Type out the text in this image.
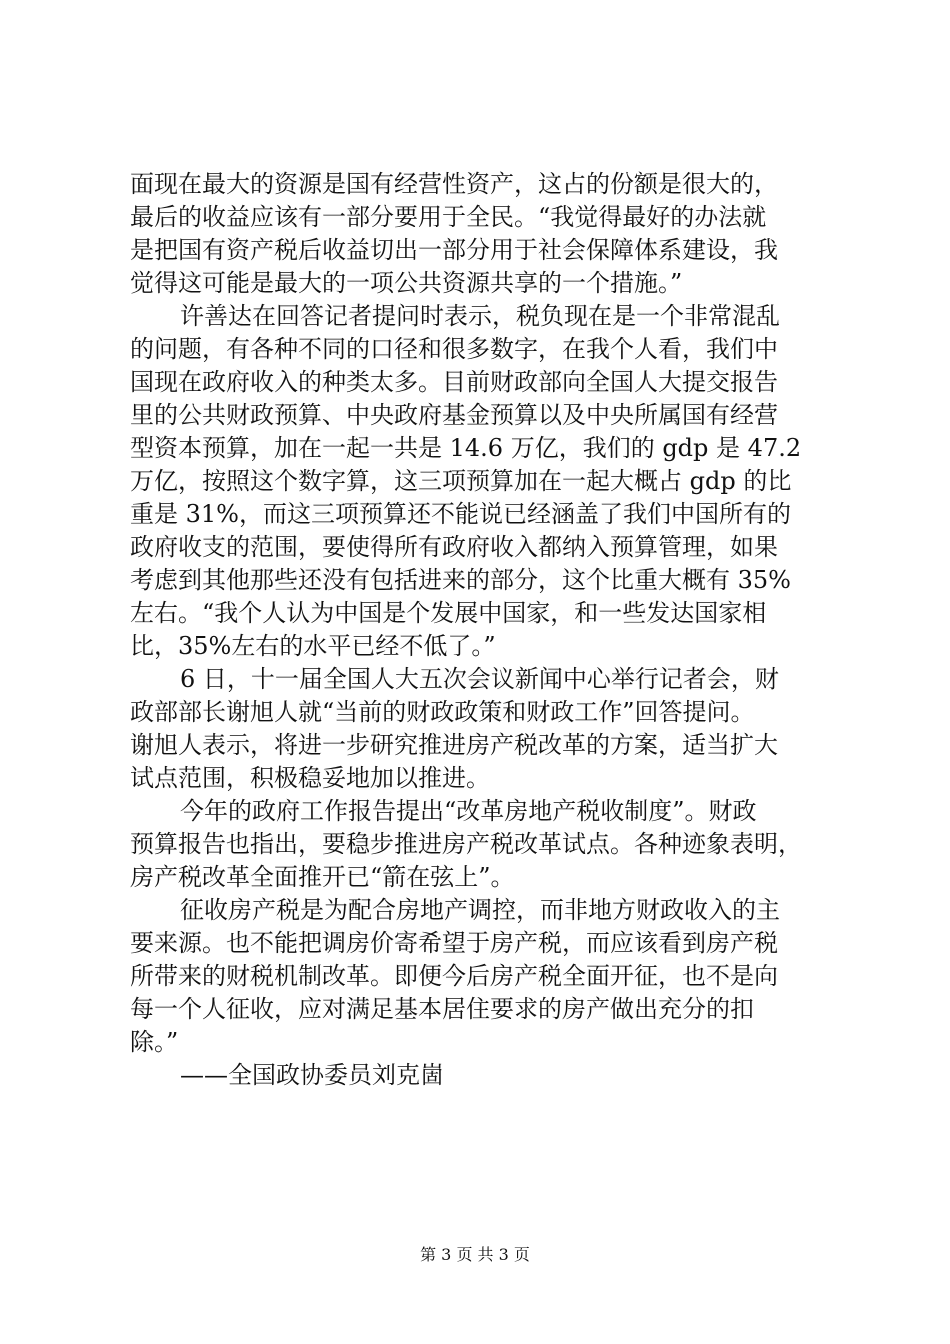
面现在最大的资源是国有经营性资产，这占的份额是很大的，
最后的收益应该有一部分要用于全民。“我觉得最好的办法就
是把国有资产税后收益切出一部分用于社会保障体系建设，我
觉得这可能是最大的一项公共资源共享的一个措施。”
许善达在回答记者提问时表示，税负现在是一个非常混乱
的问题，有各种不同的口径和很多数字，在我个人看，我们中
国现在政府收入的种类太多。目前财政部向全国人大提交报告
里的公共财政预算、中央政府基金预算以及中央所属国有经营
型资本预算，加在一起一共是 14.6 万亿，我们的 gdp 是 47.2
万亿，按照这个数字算，这三项预算加在一起大概占 gdp 的比
重是 31%，而这三项预算还不能说已经涵盖了我们中国所有的
政府收支的范围，要使得所有政府收入都纳入预算管理，如果
考虑到其他那些还没有包括进来的部分，这个比重大概有 35%
左右。“我个人认为中国是个发展中国家，和一些发达国家相
比，35%左右的水平已经不低了。”
6 日，十一届全国人大五次会议新闻中心举行记者会，财
政部部长谢旭人就“当前的财政政策和财政工作”回答提问。
谢旭人表示，将进一步研究推进房产税改革的方案，适当扩大
试点范围，积极稳妥地加以推进。
今年的政府工作报告提出“改革房地产税收制度”。财政
预算报告也指出，要稳步推进房产税改革试点。各种迹象表明，
房产税改革全面推开已“箭在弦上”。
征收房产税是为配合房地产调控，而非地方财政收入的主
要来源。也不能把调房价寄希望于房产税，而应该看到房产税
所带来的财税机制改革。即便今后房产税全面开征，也不是向
每一个人征收，应对满足基本居住要求的房产做出充分的扣
除。”
——全国政协委员刘克崮
第 3 页 共 3 页
